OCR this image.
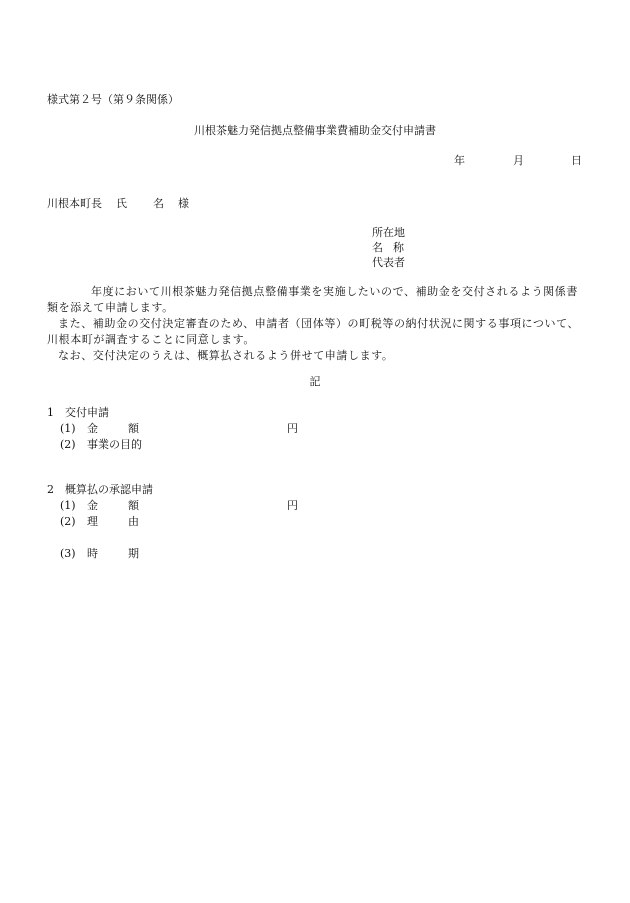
様式第２号（第９条関係）
川根茶魅力発信拠点整備事業費補助金交付申請書
年	月	日
川根本町長 氏 名 様
所在地
名 称
代表者

年度において川根茶魅力発信拠点整備事業を実施したいので、補助金を交付されるよう関係書類を添えて申請します。

また、補助金の交付決定審査のため、申請者（団体等）の町税等の納付状況に関する事項について、川根本町が調査することに同意します。

なお、交付決定のうえは、概算払されるよう併せて申請します。

記
1　交付申請
(1) 金	額	円
(2) 事業の目的
2　概算払の承認申請
(1) 金	額	円
(2) 理	由
(3) 時	期
